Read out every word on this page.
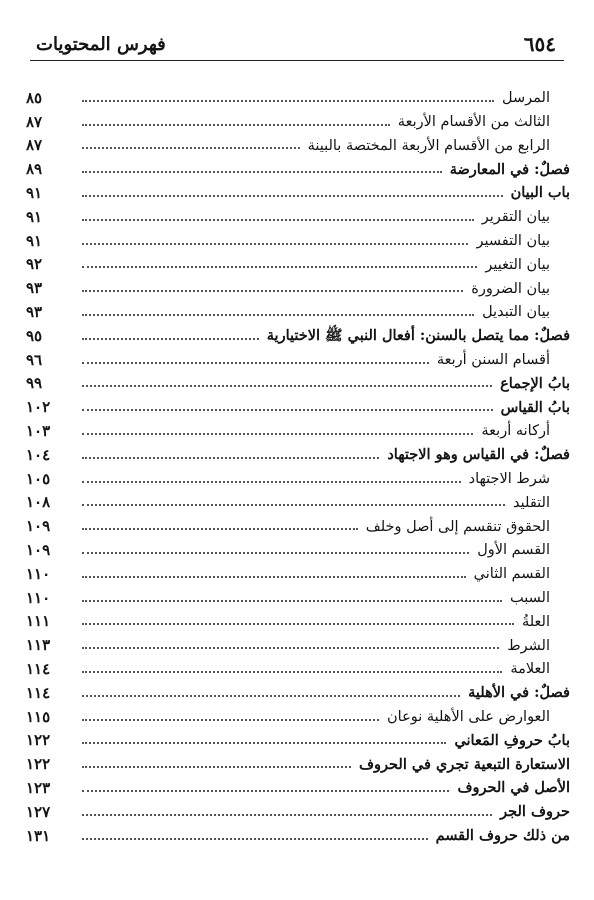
٦٥٤
فهرس المحتويات
المرسل
٨٥
الثالث من الأقسام الأربعة
٨٧
الرابع من الأقسام الأربعة المختصة بالبينة
٨٧
فصلٌ: في المعارضة
٨٩
باب البيان
٩١
بيان التقرير
٩١
بيان التفسير
٩١
بيان التغيير
٩٢
بيان الضرورة
٩٣
بيان التبديل
٩٣
فصلٌ: مما يتصل بالسنن: أفعال النبي ﷺ الاختيارية
٩٥
أقسام السنن أربعة
٩٦
بابُ الإجماع
٩٩
بابُ القياس
١٠٢
أركانه أربعة
١٠٣
فصلٌ: في القياس وهو الاجتهاد
١٠٤
شرط الاجتهاد
١٠٥
التقليد
١٠٨
الحقوق تنقسم إلى أصل وخلف
١٠٩
القسم الأول
١٠٩
القسم الثاني
١١٠
السبب
١١٠
العلةُ
١١١
الشرط
١١٣
العلامة
١١٤
فصلٌ: في الأهلية
١١٤
العوارض على الأهلية نوعان
١١٥
بابُ حروفِ المَعاني
١٢٢
الاستعارة التبعية تجري في الحروف
١٢٢
الأصل في الحروف
١٢٣
حروف الجر
١٢٧
من ذلك حروف القسم
١٣١
